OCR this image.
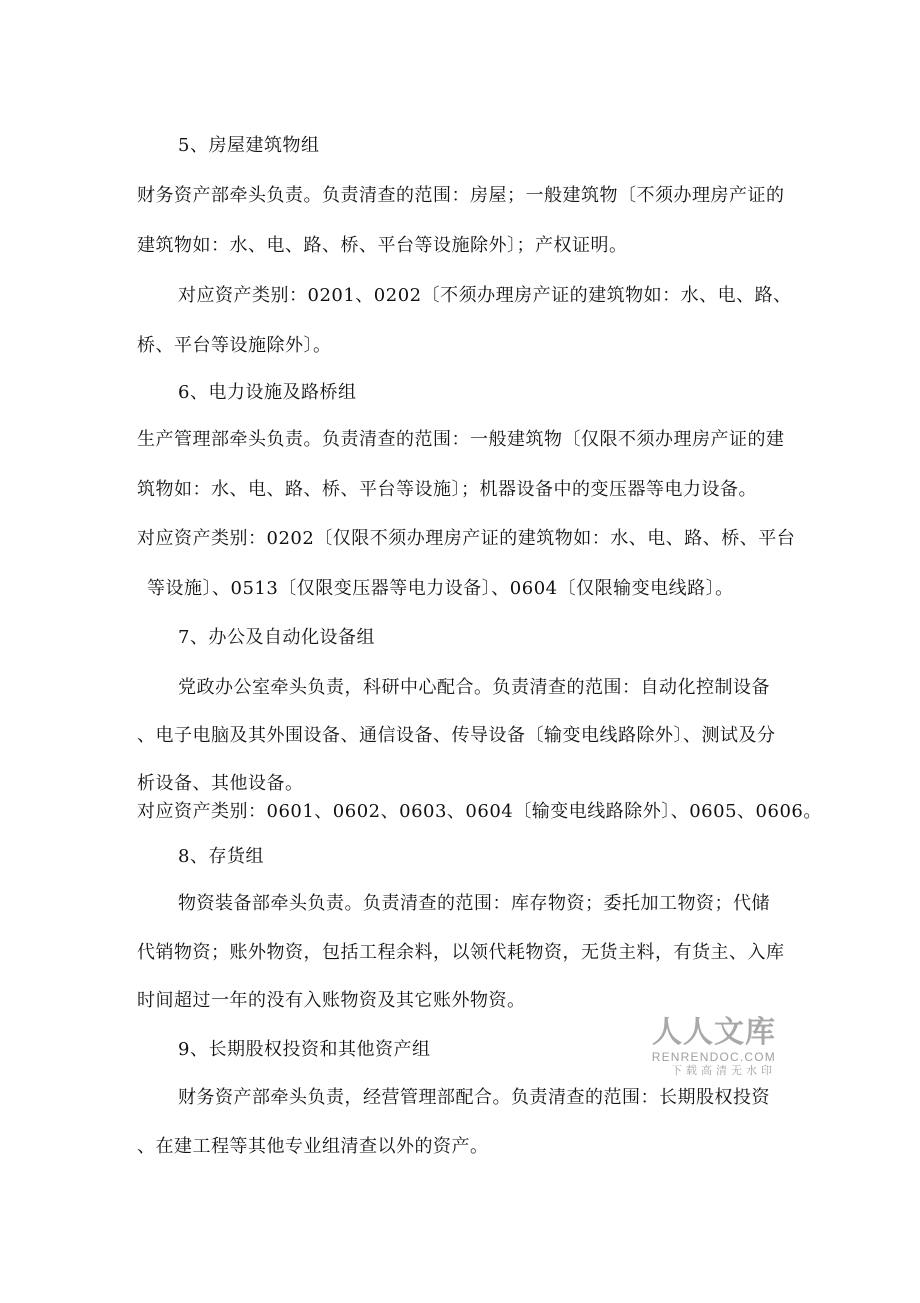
5、房屋建筑物组
财务资产部牵头负责。负责清查的范围：房屋；一般建筑物〔不须办理房产证的
建筑物如：水、电、路、桥、平台等设施除外〕；产权证明。
对应资产类别：0201、0202〔不须办理房产证的建筑物如：水、电、路、
桥、平台等设施除外〕。
6、电力设施及路桥组
生产管理部牵头负责。负责清查的范围：一般建筑物〔仅限不须办理房产证的建
筑物如：水、电、路、桥、平台等设施〕；机器设备中的变压器等电力设备。
对应资产类别：0202〔仅限不须办理房产证的建筑物如：水、电、路、桥、平台
等设施〕、0513〔仅限变压器等电力设备〕、0604〔仅限输变电线路〕。
7、办公及自动化设备组
党政办公室牵头负责，科研中心配合。负责清查的范围：自动化控制设备
、电子电脑及其外围设备、通信设备、传导设备〔输变电线路除外〕、测试及分
析设备、其他设备。
对应资产类别：0601、0602、0603、0604〔输变电线路除外〕、0605、0606。
8、存货组
物资装备部牵头负责。负责清查的范围：库存物资；委托加工物资；代储
代销物资；账外物资，包括工程余料，以领代耗物资，无货主料，有货主、入库
时间超过一年的没有入账物资及其它账外物资。
9、长期股权投资和其他资产组
财务资产部牵头负责，经营管理部配合。负责清查的范围：长期股权投资
、在建工程等其他专业组清查以外的资产。
人人文库
RENRENDOC.COM
下载高清无水印
